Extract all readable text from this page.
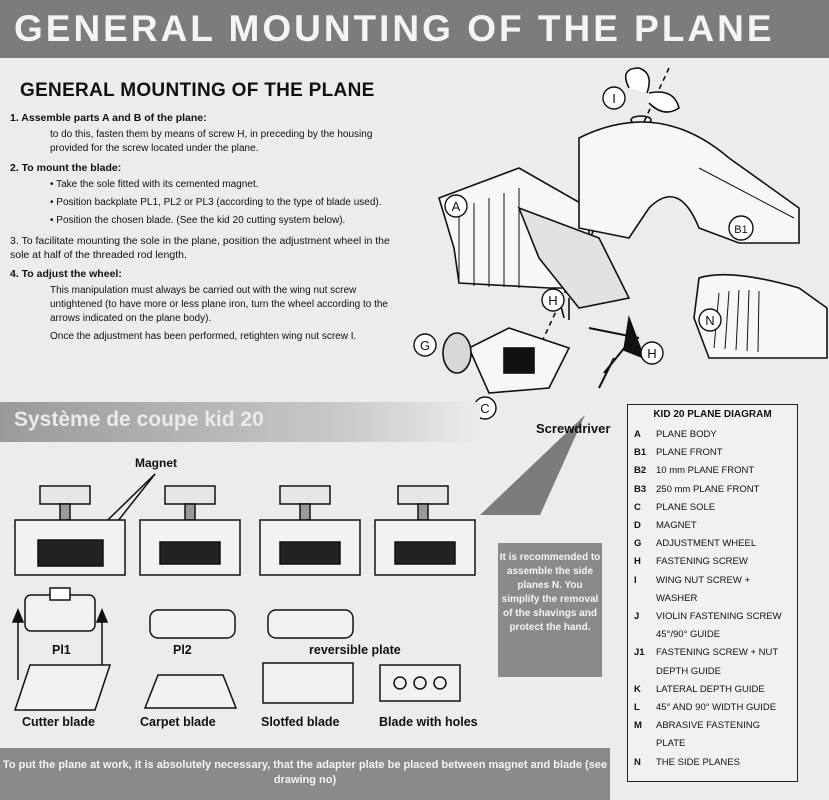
GENERAL MOUNTING OF THE PLANE
GENERAL MOUNTING OF THE PLANE
1. Assemble parts A and B of the plane:
to do this, fasten them by means of screw H, in preceding by the housing provided for the screw located under the plane.
2. To mount the blade:
• Take the sole fitted with its cemented magnet.
• Position backplate PL1, PL2 or PL3 (according to the type of blade used).
• Position the chosen blade. (See the kid 20 cutting system below).
3. To facilitate mounting the sole in the plane, position the adjustment wheel in the sole at half of the threaded rod length.
4. To adjust the wheel:
This manipulation must always be carried out with the wing nut screw untightened (to have more or less plane iron, turn the wheel according to the arrows indicated on the plane body).
Once the adjustment has been performed, retighten wing nut screw I.
I
A
B1
H
N
G
H
C
Système de coupe kid 20	Screwdriver
Magnet
Pl1	Pl2	reversible plate
Cutter blade	Carpet blade	Slotfed blade	Blade with holes
It is recommended to assemble the side planes N. You simplify the removal of the shavings and protect the hand.
KID 20 PLANE DIAGRAM
A	PLANE BODY
B1	PLANE FRONT
B2	10 mm PLANE FRONT
B3	250 mm PLANE FRONT
C	PLANE SOLE
D	MAGNET
G	ADJUSTMENT WHEEL
H	FASTENING SCREW
I	WING NUT SCREW +
WASHER
J	VIOLIN FASTENING SCREW
45°/90° GUIDE
J1	FASTENING SCREW + NUT
DEPTH GUIDE
K	LATERAL DEPTH GUIDE
L	45° AND 90° WIDTH GUIDE
M	ABRASIVE FASTENING
PLATE
N	THE SIDE PLANES
To put the plane at work, it is absolutely necessary, that the adapter plate be placed between magnet and blade (see drawing no)
